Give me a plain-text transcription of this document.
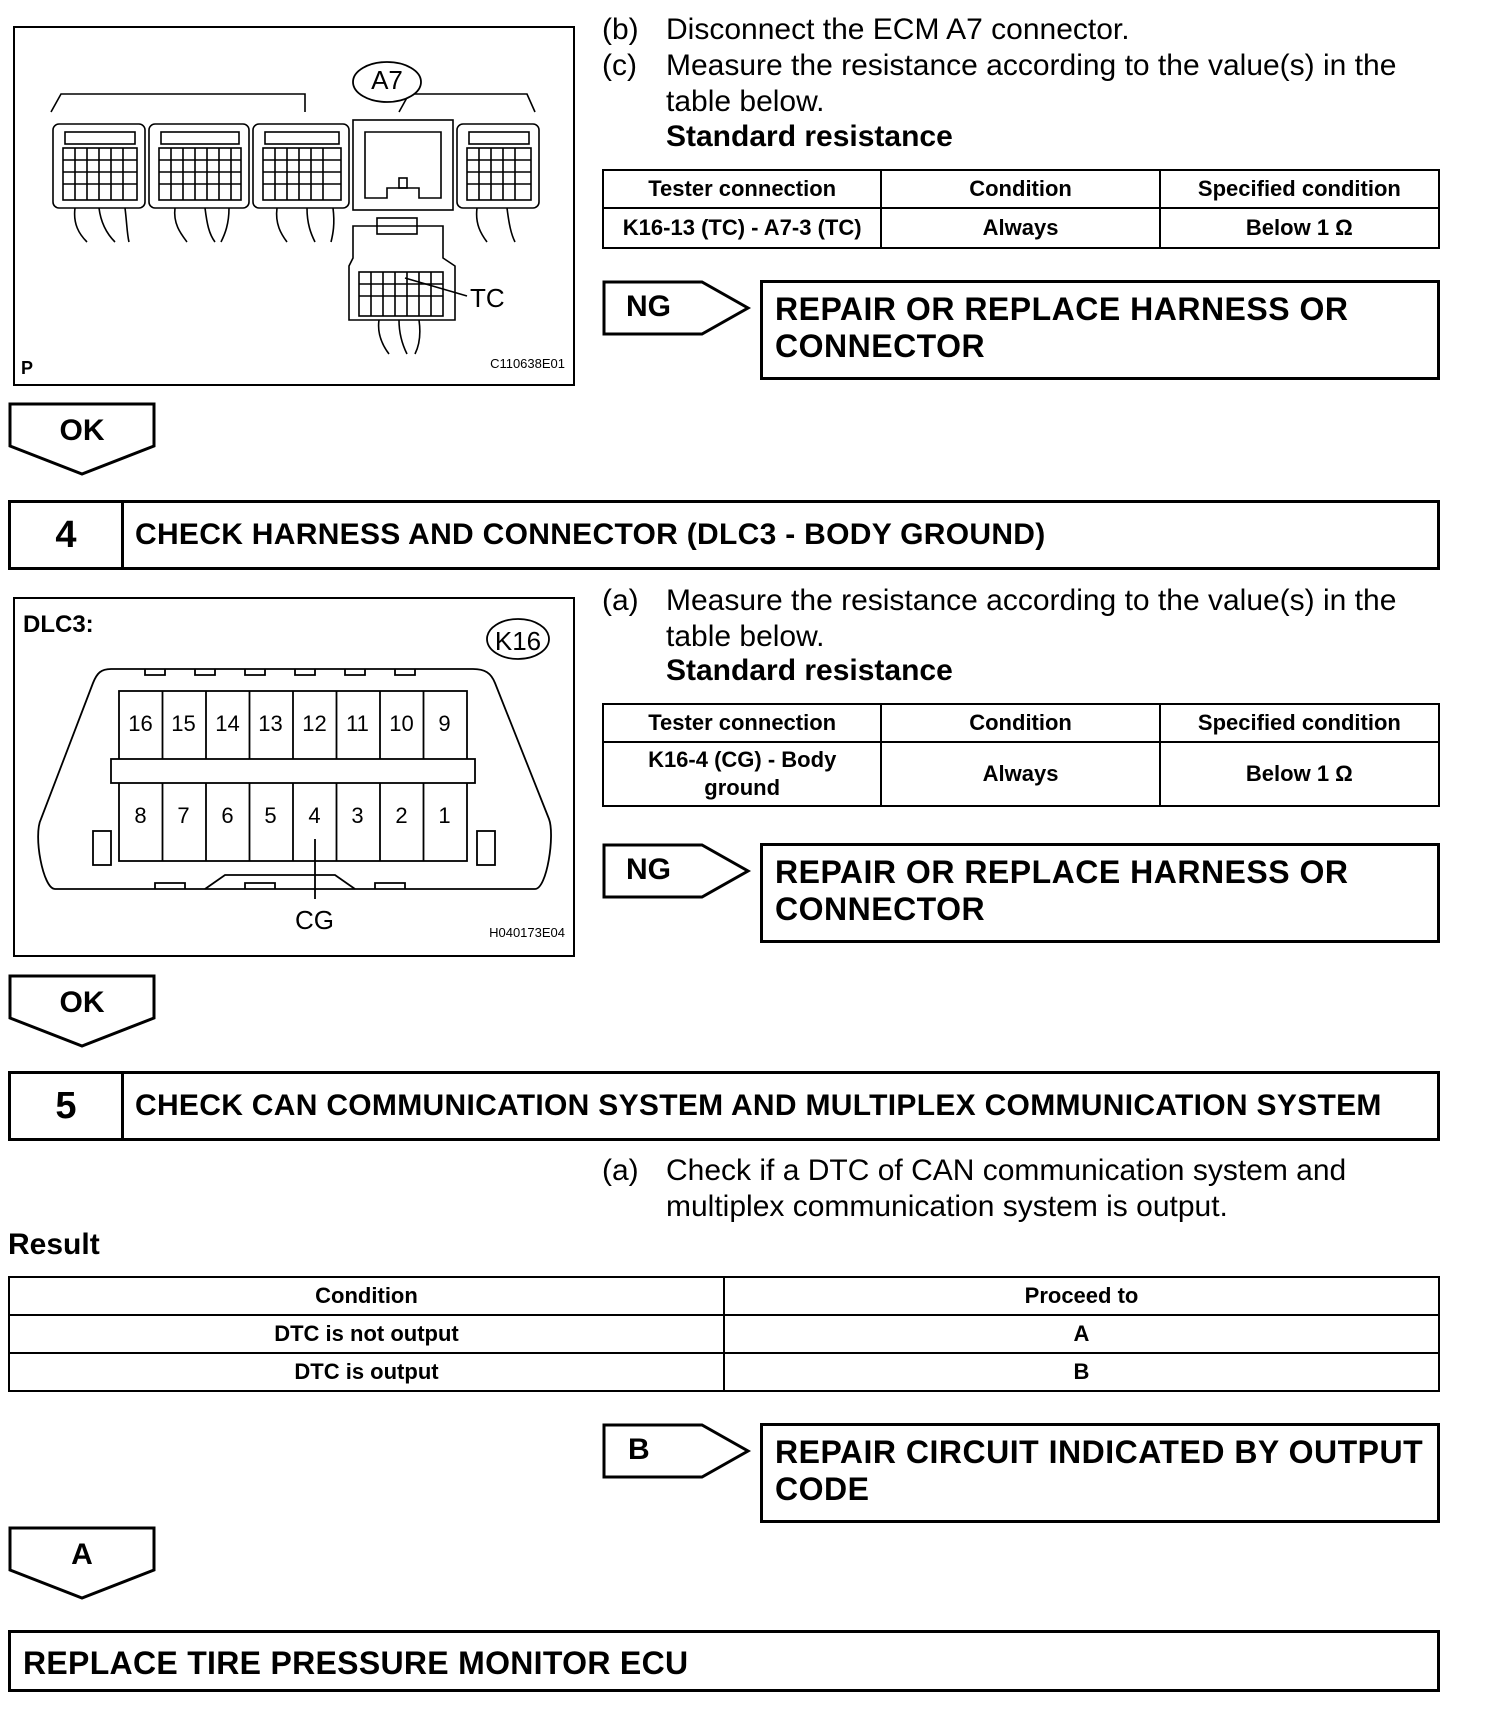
A7
TC
P	C110638E01
(b) Disconnect the ECM A7 connector.
(c) Measure the resistance according to the value(s) in the table below.
Standard resistance
Tester connection	Condition	Specified condition
K16-13 (TC) - A7-3 (TC)	Always	Below 1 Ω
NG	REPAIR OR REPLACE HARNESS OR CONNECTOR
OK
4	CHECK HARNESS AND CONNECTOR (DLC3 - BODY GROUND)
DLC3:
K16
16 15 14 13 12 11 10	9
8	7	6	5	4	3	2	1
CG	H040173E04
(a) Measure the resistance according to the value(s) in the table below.
Standard resistance
Tester connection	Condition	Specified condition
K16-4 (CG) - Body ground	Always	Below 1 Ω
NG	REPAIR OR REPLACE HARNESS OR CONNECTOR
OK
5	CHECK CAN COMMUNICATION SYSTEM AND MULTIPLEX COMMUNICATION SYSTEM
(a) Check if a DTC of CAN communication system and multiplex communication system is output.
Result
Condition	Proceed to
DTC is not output	A
DTC is output	B
B	REPAIR CIRCUIT INDICATED BY OUTPUT CODE
A
REPLACE TIRE PRESSURE MONITOR ECU
